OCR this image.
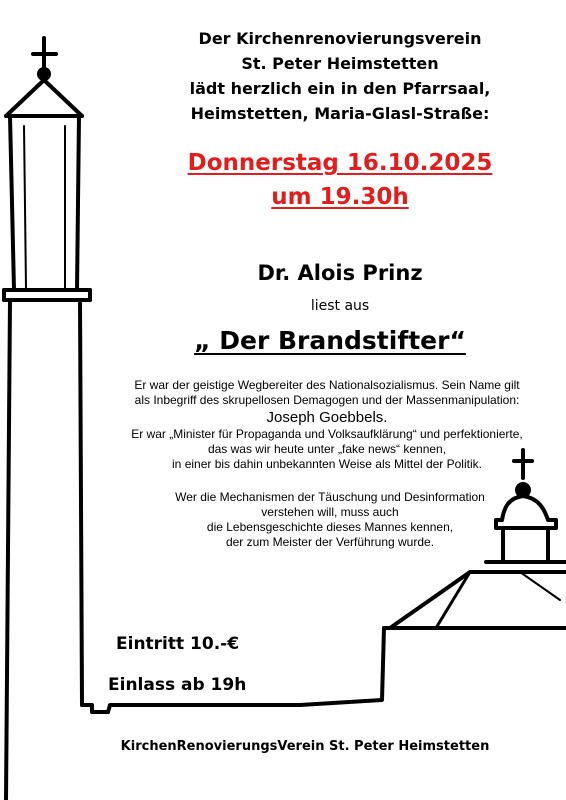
Der Kirchenrenovierungsverein
St. Peter Heimstetten
lädt herzlich ein in den Pfarrsaal,
Heimstetten, Maria-Glasl-Straße:
Donnerstag 16.10.2025
um 19.30h
Dr. Alois Prinz
liest aus
„ Der Brandstifter“
Er war der geistige Wegbereiter des Nationalsozialismus. Sein Name gilt
als Inbegriff des skrupellosen Demagogen und der Massenmanipulation:
Joseph Goebbels.
Er war „Minister für Propaganda und Volksaufklärung“ und perfektionierte,
das was wir heute unter „fake news“ kennen,
in einer bis dahin unbekannten Weise als Mittel der Politik.
Wer die Mechanismen der Täuschung und Desinformation
verstehen will, muss auch
die Lebensgeschichte dieses Mannes kennen,
der zum Meister der Verführung wurde.
Eintritt 10.-€
Einlass ab 19h
KirchenRenovierungsVerein St. Peter Heimstetten
